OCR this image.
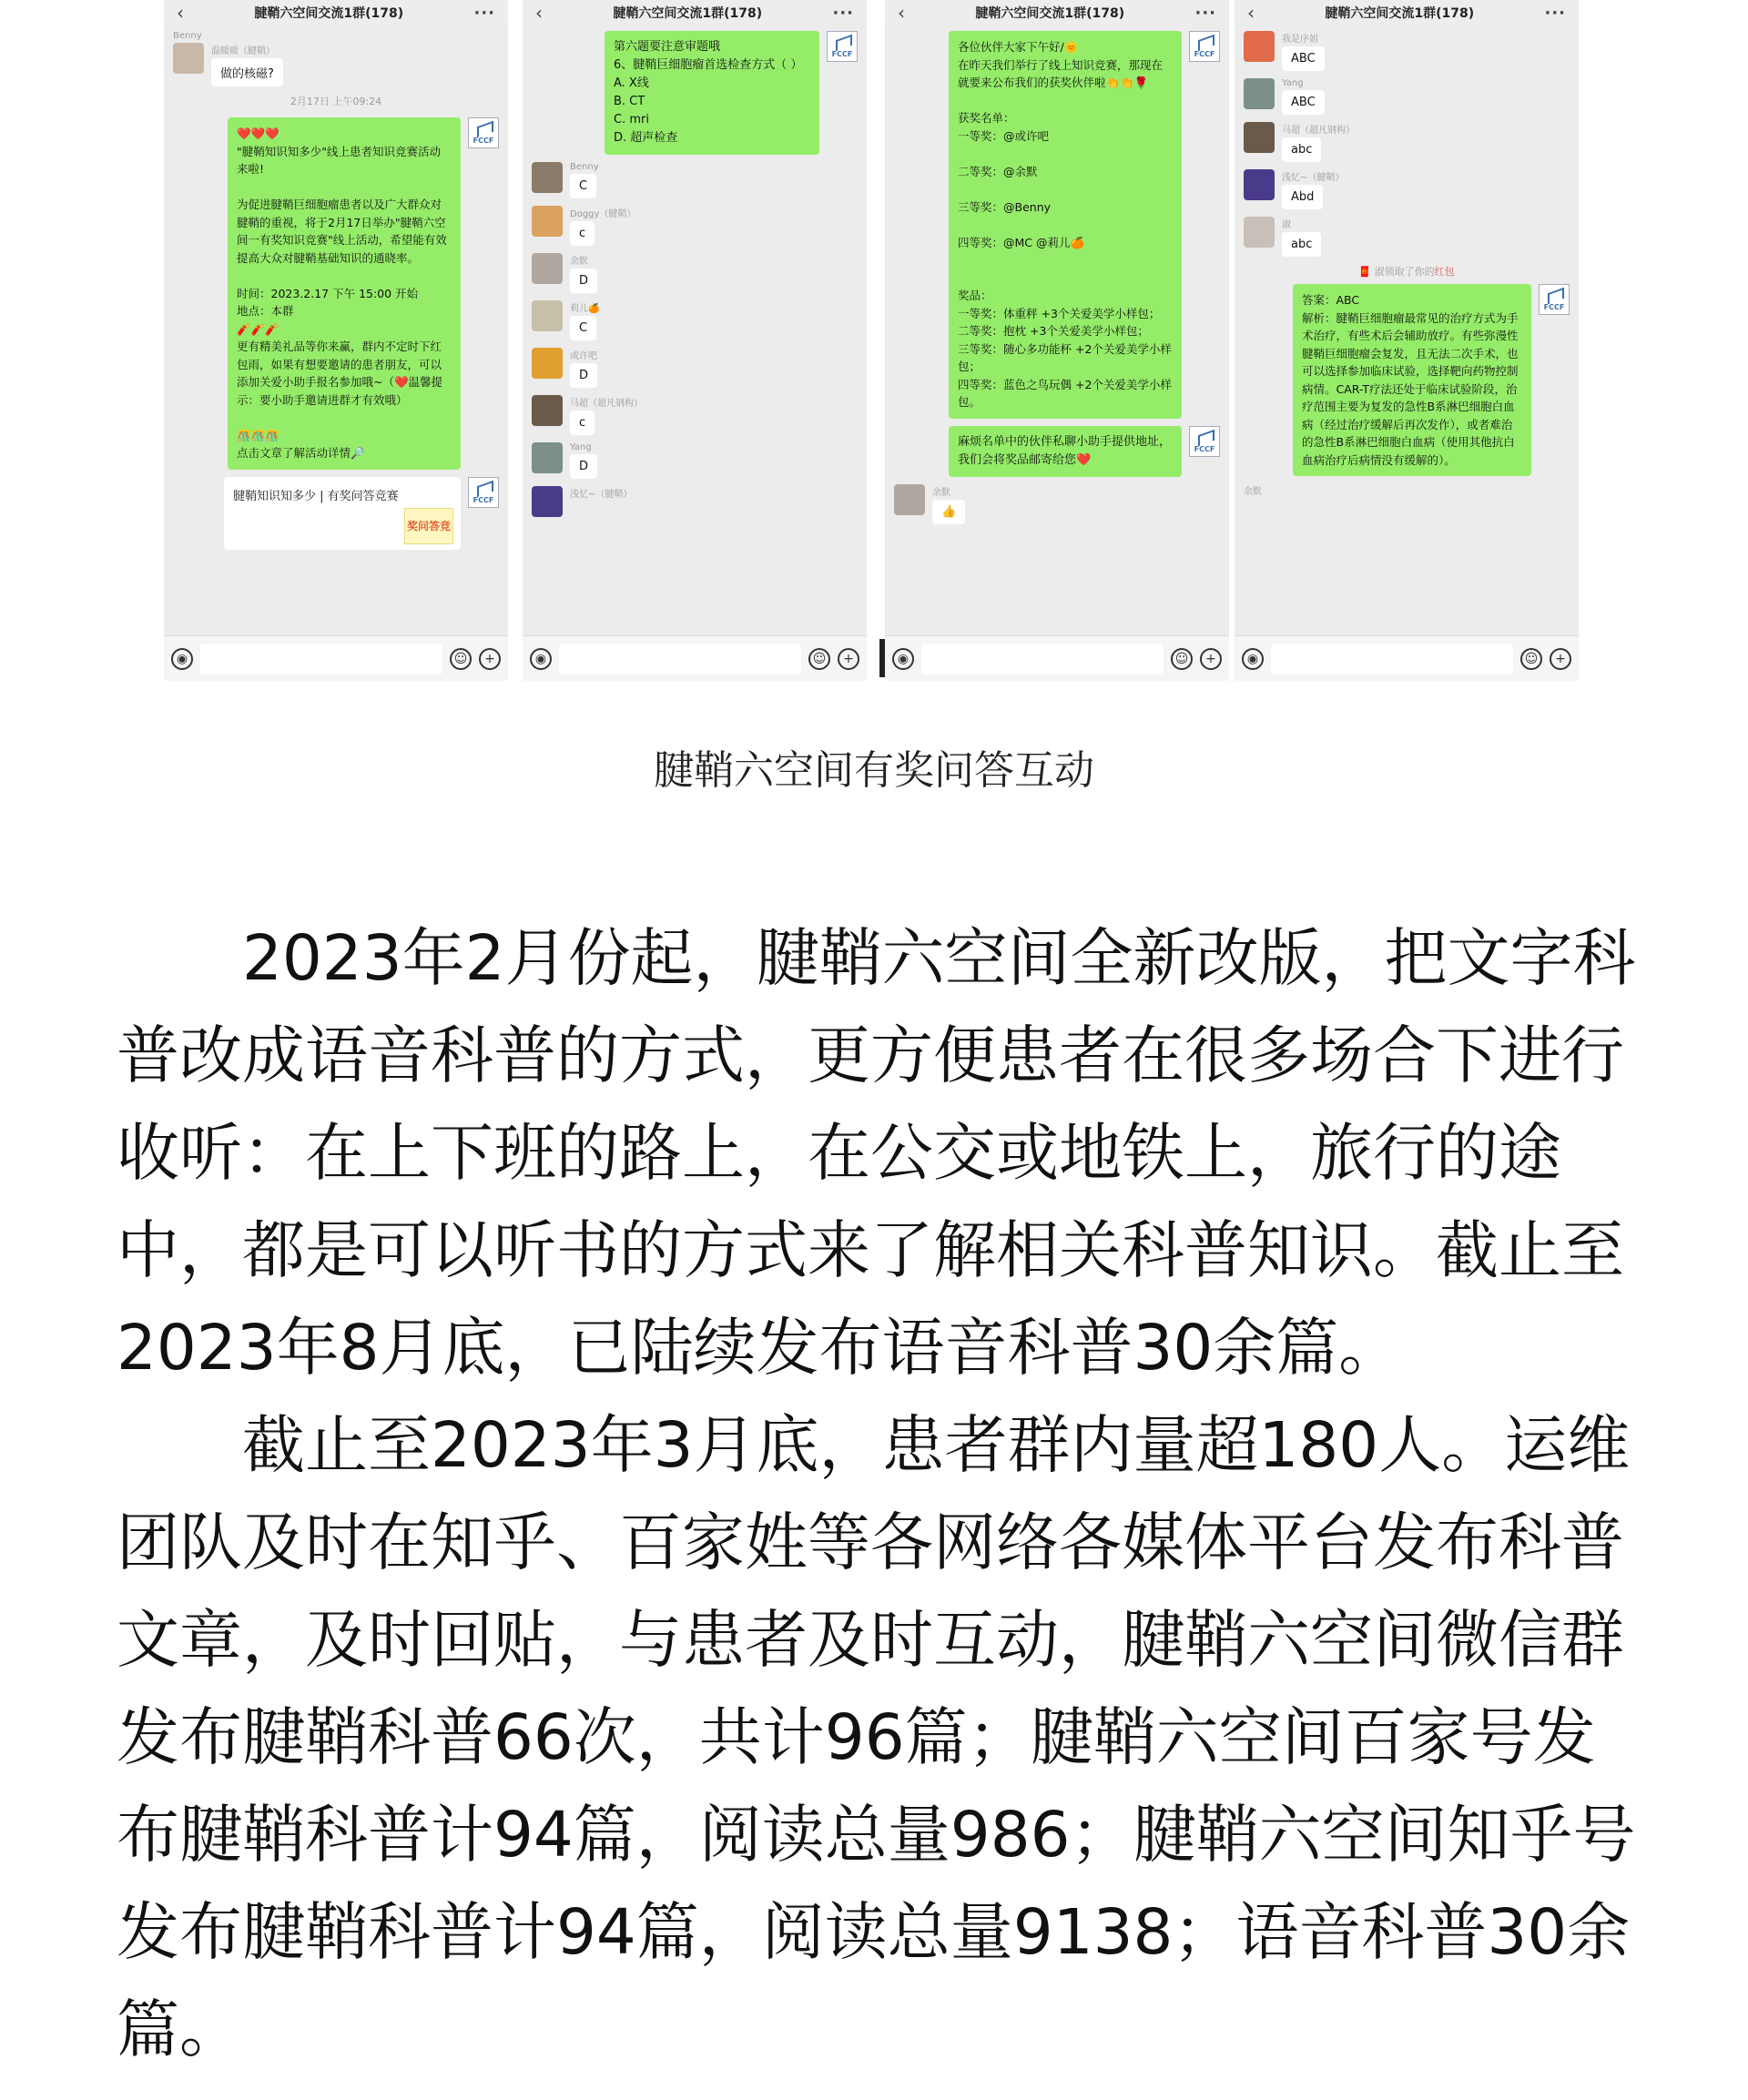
‹	腱鞘六空间交流1群(178)	···
Benny
温暖暖（腱鞘）
做的核磁?
2月17日 上午09:24
❤️❤️❤️
"腱鞘知识知多少"线上患者知识竞赛活动来啦!

为促进腱鞘巨细胞瘤患者以及广大群众对腱鞘的重视，将于2月17日举办"腱鞘六空间一有奖知识竞赛"线上活动，希望能有效提高大众对腱鞘基础知识的通晓率。

时间：2023.2.17 下午 15:00 开始
地点：本群
🧨🧨🧨
更有精美礼品等你来赢，群内不定时下红包雨，如果有想要邀请的患者朋友，可以添加关爱小助手报名参加哦~（❤️温馨提示：要小助手邀请进群才有效哦）

🎊🎊🎊
点击文章了解活动详情🔎
FCCF
腱鞘知识知多少 | 有奖问答竞赛
奖问答竞
FCCF
◉	☺	+
‹	腱鞘六空间交流1群(178)	···
第六题要注意审题哦
6、腱鞘巨细胞瘤首选检查方式（ ）
A. X线
B. CT
C. mri
D. 超声检查
FCCF
Benny
C
Doggy（腱鞘）
c
余默
D
莉儿🍊
C
或许吧
D
马超（超凡钢构）
c
Yang
D
浅忆~（腱鞘）
◉	☺	+
‹	腱鞘六空间交流1群(178)	···
各位伙伴大家下午好/🌞
在昨天我们举行了线上知识竞赛，那现在就要来公布我们的获奖伙伴啦👏👏🌹

获奖名单：
一等奖：@或许吧

二等奖：@余默

三等奖：@Benny

四等奖：@MC @莉儿🍊

奖品：
一等奖：体重秤 +3个关爱美学小样包；
二等奖：抱枕 +3个关爱美学小样包；
三等奖：随心多功能杯 +2个关爱美学小样包；
四等奖：蓝色之鸟玩偶 +2个关爱美学小样包。
FCCF
麻烦名单中的伙伴私聊小助手提供地址，我们会将奖品邮寄给您❤️
FCCF
余默
👍
◉	☺	+
‹	腱鞘六空间交流1群(178)	···
我是序姐
ABC
Yang
ABC
马超（超凡钢构）
abc
浅忆~（腱鞘）
Abd
淑
abc
🧧 淑领取了你的红包
答案：ABC
解析：腱鞘巨细胞瘤最常见的治疗方式为手术治疗，有些术后会辅助放疗。有些弥漫性腱鞘巨细胞瘤会复发，且无法二次手术，也可以选择参加临床试验，选择靶向药物控制病情。CAR-T疗法还处于临床试验阶段，治疗范围主要为复发的急性B系淋巴细胞白血病（经过治疗缓解后再次发作），或者难治的急性B系淋巴细胞白血病（使用其他抗白血病治疗后病情没有缓解的）。
FCCF
余默
◉	☺	+
腱鞘六空间有奖问答互动

2023年2月份起，腱鞘六空间全新改版，把文字科普改成语音科普的方式，更方便患者在很多场合下进行收听：在上下班的路上，在公交或地铁上，旅行的途中，都是可以听书的方式来了解相关科普知识。截止至2023年8月底，已陆续发布语音科普30余篇。

截止至2023年3月底，患者群内量超180人。运维团队及时在知乎、百家姓等各网络各媒体平台发布科普文章，及时回贴，与患者及时互动，腱鞘六空间微信群发布腱鞘科普66次，共计96篇；腱鞘六空间百家号发布腱鞘科普计94篇，阅读总量986；腱鞘六空间知乎号发布腱鞘科普计94篇，阅读总量9138；语音科普30余篇。
